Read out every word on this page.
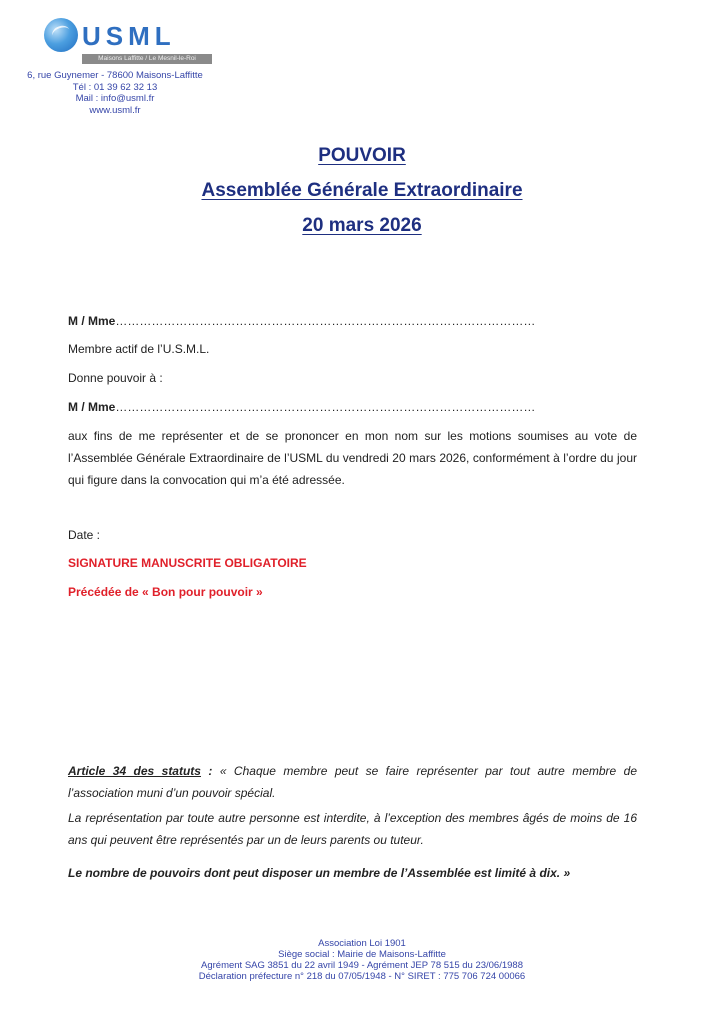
USML
Maisons Laffitte / Le Mesnil-le-Roi
6, rue Guynemer - 78600 Maisons-Laffitte
Tél : 01 39 62 32 13
Mail : info@usml.fr
www.usml.fr
POUVOIR
Assemblée Générale Extraordinaire
20 mars 2026
M / Mme……………………………………………………………………………………………
Membre actif de l’U.S.M.L.
Donne pouvoir à :
M / Mme……………………………………………………………………………………………
aux fins de me représenter et de se prononcer en mon nom sur les motions soumises au vote de l’Assemblée Générale Extraordinaire de l’USML du vendredi 20 mars 2026, conformément à l’ordre du jour qui figure dans la convocation qui m’a été adressée.
Date :
SIGNATURE MANUSCRITE OBLIGATOIRE
Précédée de « Bon pour pouvoir »
Article 34 des statuts : « Chaque membre peut se faire représenter par tout autre membre de l’association muni d’un pouvoir spécial.
La représentation par toute autre personne est interdite, à l’exception des membres âgés de moins de 16 ans qui peuvent être représentés par un de leurs parents ou tuteur.
Le nombre de pouvoirs dont peut disposer un membre de l’Assemblée est limité à dix. »
Association Loi 1901
Siège social : Mairie de Maisons-Laffitte
Agrément SAG 3851 du 22 avril 1949 - Agrément JEP 78 515 du 23/06/1988
Déclaration préfecture n° 218 du 07/05/1948 - N° SIRET : 775 706 724 00066
